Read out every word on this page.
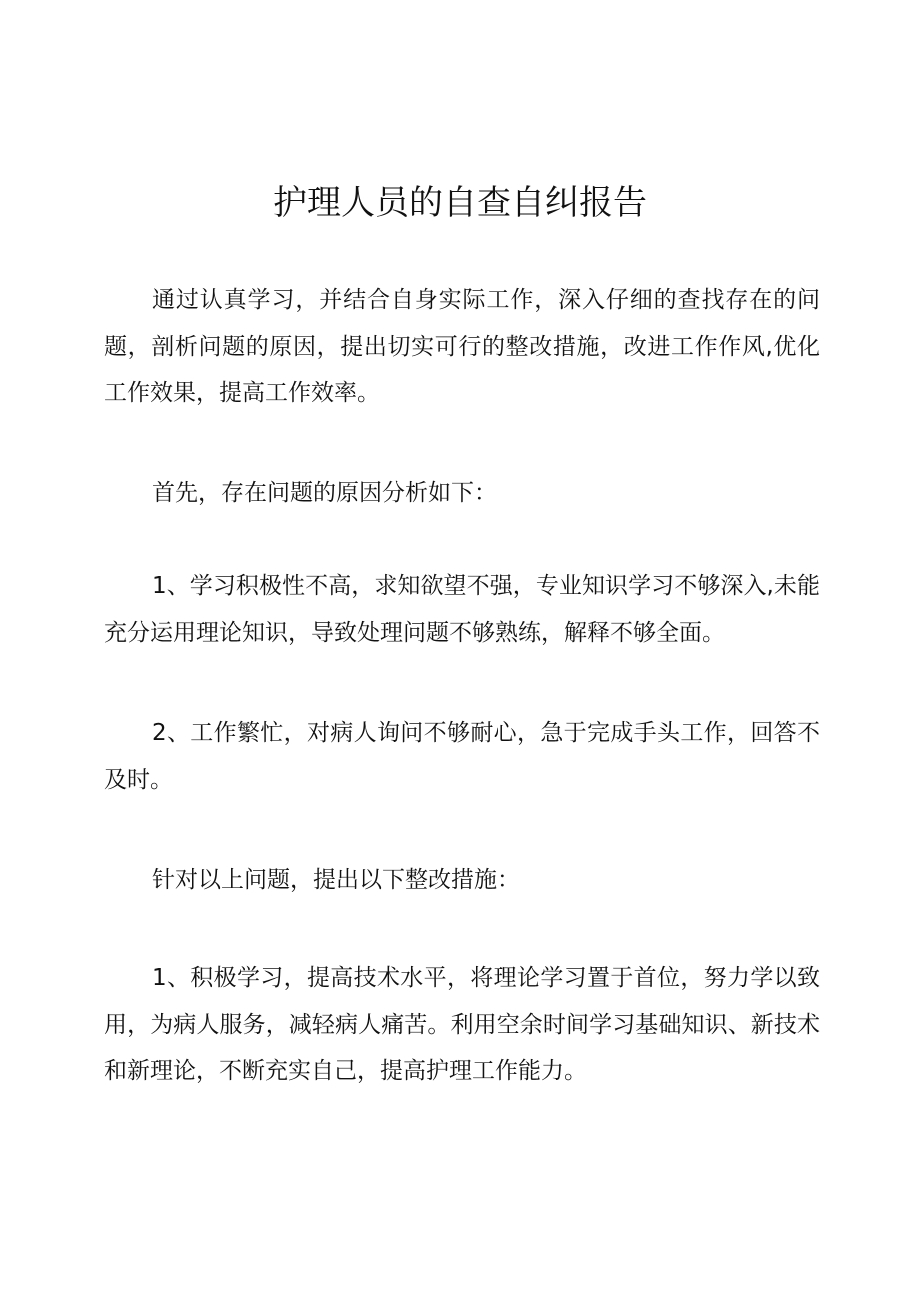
护理人员的自查自纠报告

通过认真学习，并结合自身实际工作，深入仔细的查找存在的问题，剖析问题的原因，提出切实可行的整改措施，改进工作作风,优化工作效果，提高工作效率。

首先，存在问题的原因分析如下：

1、学习积极性不高，求知欲望不强，专业知识学习不够深入,未能充分运用理论知识，导致处理问题不够熟练，解释不够全面。

2、工作繁忙，对病人询问不够耐心，急于完成手头工作，回答不及时。

针对以上问题，提出以下整改措施：

1、积极学习，提高技术水平，将理论学习置于首位，努力学以致用，为病人服务，减轻病人痛苦。利用空余时间学习基础知识、新技术和新理论，不断充实自己，提高护理工作能力。
